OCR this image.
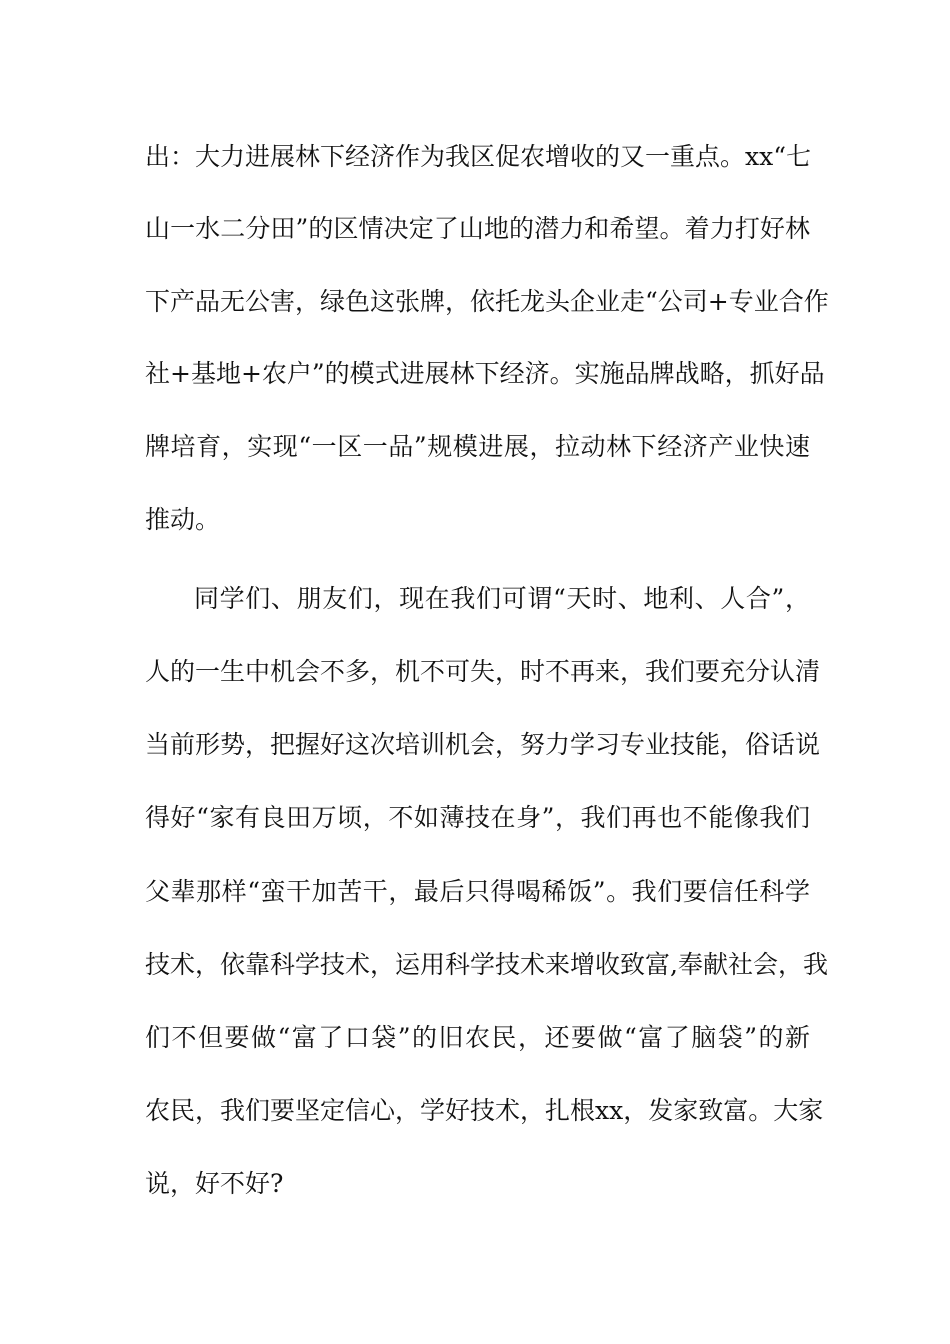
出：大力进展林下经济作为我区促农增收的又一重点。xx“七
山一水二分田”的区情决定了山地的潜力和希望。着力打好林
下产品无公害，绿色这张牌，依托龙头企业走“公司+专业合作
社+基地+农户”的模式进展林下经济。实施品牌战略，抓好品
牌培育，实现“一区一品”规模进展，拉动林下经济产业快速
推动。
同学们、朋友们，现在我们可谓“天时、地利、人合”，
人的一生中机会不多，机不可失，时不再来，我们要充分认清
当前形势，把握好这次培训机会，努力学习专业技能，俗话说
得好“家有良田万顷，不如薄技在身”，我们再也不能像我们
父辈那样“蛮干加苦干，最后只得喝稀饭”。我们要信任科学
技术，依靠科学技术，运用科学技术来增收致富,奉献社会，我
们不但要做“富了口袋”的旧农民，还要做“富了脑袋”的新
农民，我们要坚定信心，学好技术，扎根xx，发家致富。大家
说，好不好?
